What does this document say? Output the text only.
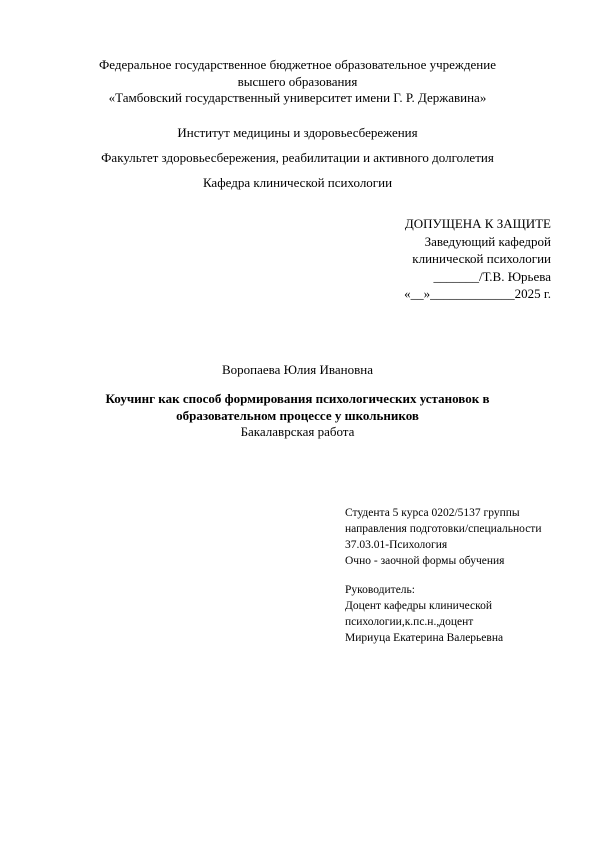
Федеральное государственное бюджетное образовательное учреждение
высшего образования
«Тамбовский государственный университет имени Г. Р. Державина»
Институт медицины и здоровьесбережения
Факультет здоровьесбережения, реабилитации и активного долголетия
Кафедра клинической психологии
ДОПУЩЕНА К ЗАЩИТЕ
Заведующий кафедрой
клинической психологии
_______/Т.В. Юрьева
«__»_____________2025 г.
Воропаева Юлия Ивановна
Коучинг как способ формирования психологических установок в
образовательном процессе у школьников
Бакалаврская работа
Студента 5 курса 0202/5137 группы
направления подготовки/специальности
37.03.01-Психология
Очно - заочной формы обучения
Руководитель:
Доцент кафедры клинической
психологии,к.пс.н.,доцент
Мириуца Екатерина Валерьевна
